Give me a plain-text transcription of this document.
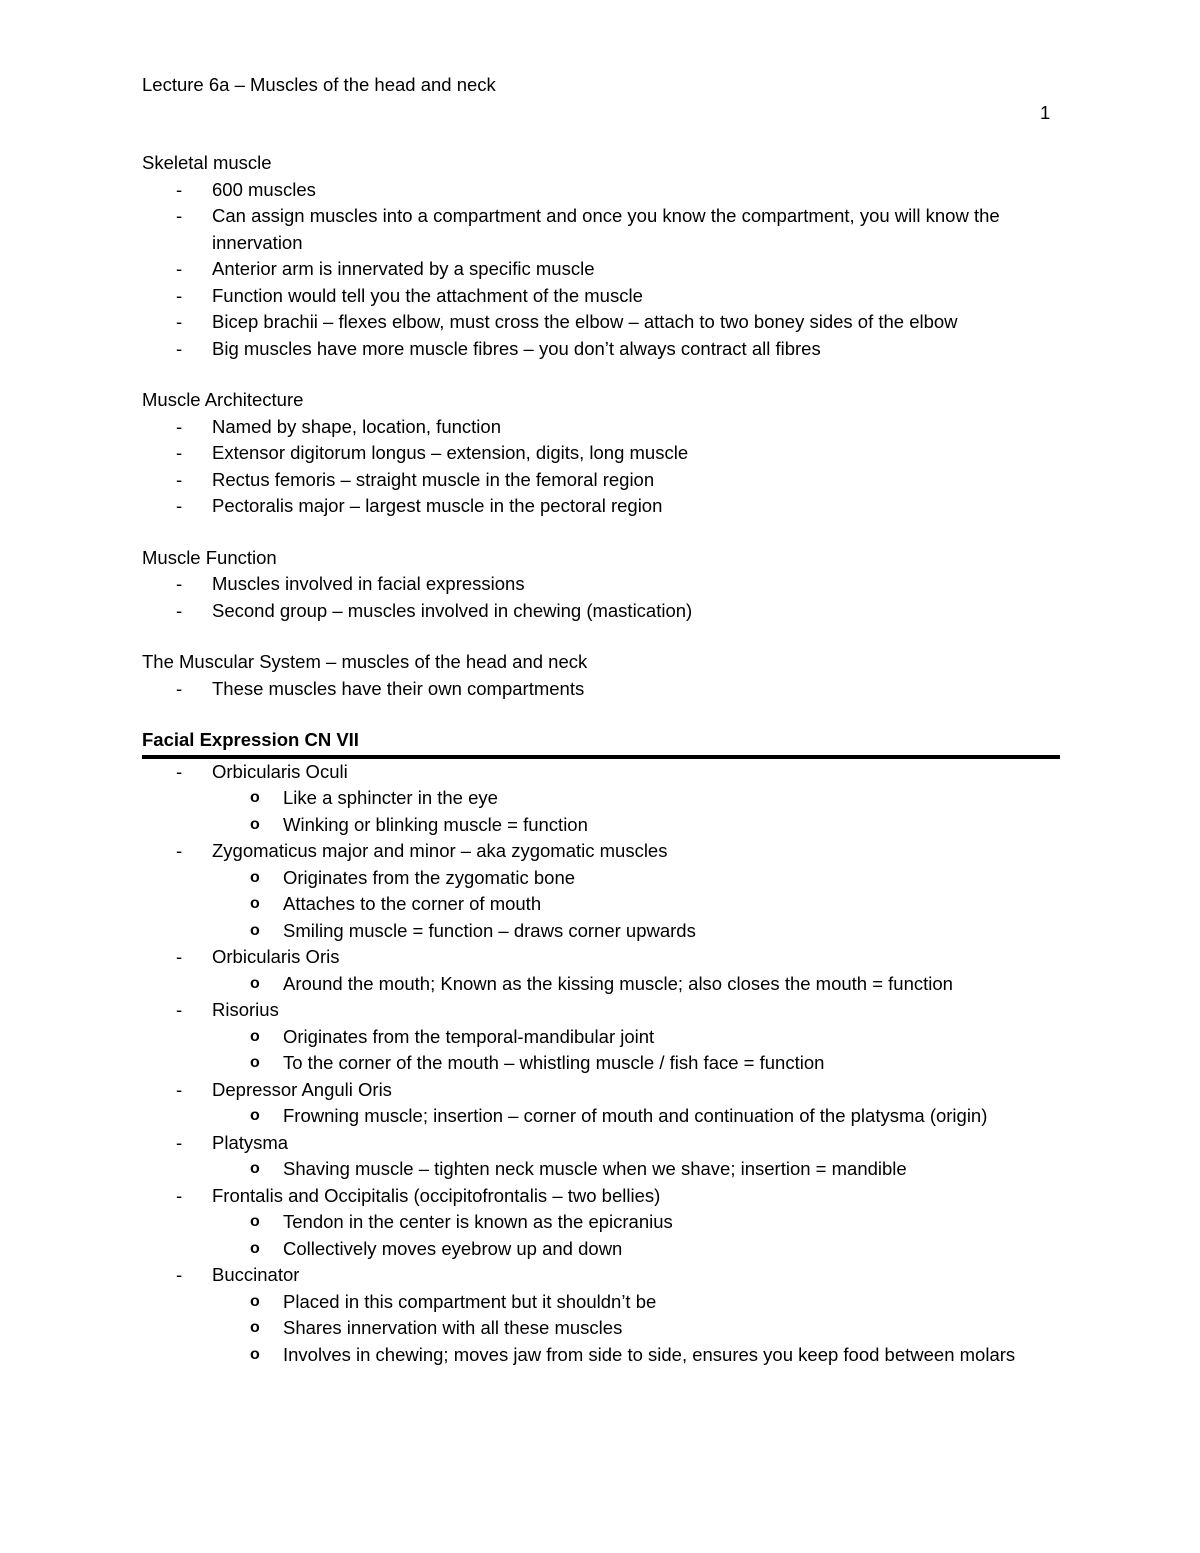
Lecture 6a – Muscles of the head and neck
1
Skeletal muscle
- 600 muscles
- Can assign muscles into a compartment and once you know the compartment, you will know the innervation
- Anterior arm is innervated by a specific muscle
- Function would tell you the attachment of the muscle
- Bicep brachii – flexes elbow, must cross the elbow – attach to two boney sides of the elbow
- Big muscles have more muscle fibres – you don’t always contract all fibres
Muscle Architecture
- Named by shape, location, function
- Extensor digitorum longus – extension, digits, long muscle
- Rectus femoris – straight muscle in the femoral region
- Pectoralis major – largest muscle in the pectoral region
Muscle Function
- Muscles involved in facial expressions
- Second group – muscles involved in chewing (mastication)
The Muscular System – muscles of the head and neck
- These muscles have their own compartments
Facial Expression CN VII
- Orbicularis Oculi
o Like a sphincter in the eye
o Winking or blinking muscle = function
- Zygomaticus major and minor – aka zygomatic muscles
o Originates from the zygomatic bone
o Attaches to the corner of mouth
o Smiling muscle = function – draws corner upwards
- Orbicularis Oris
o Around the mouth; Known as the kissing muscle; also closes the mouth = function
- Risorius
o Originates from the temporal-mandibular joint
o To the corner of the mouth – whistling muscle / fish face = function
- Depressor Anguli Oris
o Frowning muscle; insertion – corner of mouth and continuation of the platysma (origin)
- Platysma
o Shaving muscle – tighten neck muscle when we shave; insertion = mandible
- Frontalis and Occipitalis (occipitofrontalis – two bellies)
o Tendon in the center is known as the epicranius
o Collectively moves eyebrow up and down
- Buccinator
o Placed in this compartment but it shouldn’t be
o Shares innervation with all these muscles
o Involves in chewing; moves jaw from side to side, ensures you keep food between molars
